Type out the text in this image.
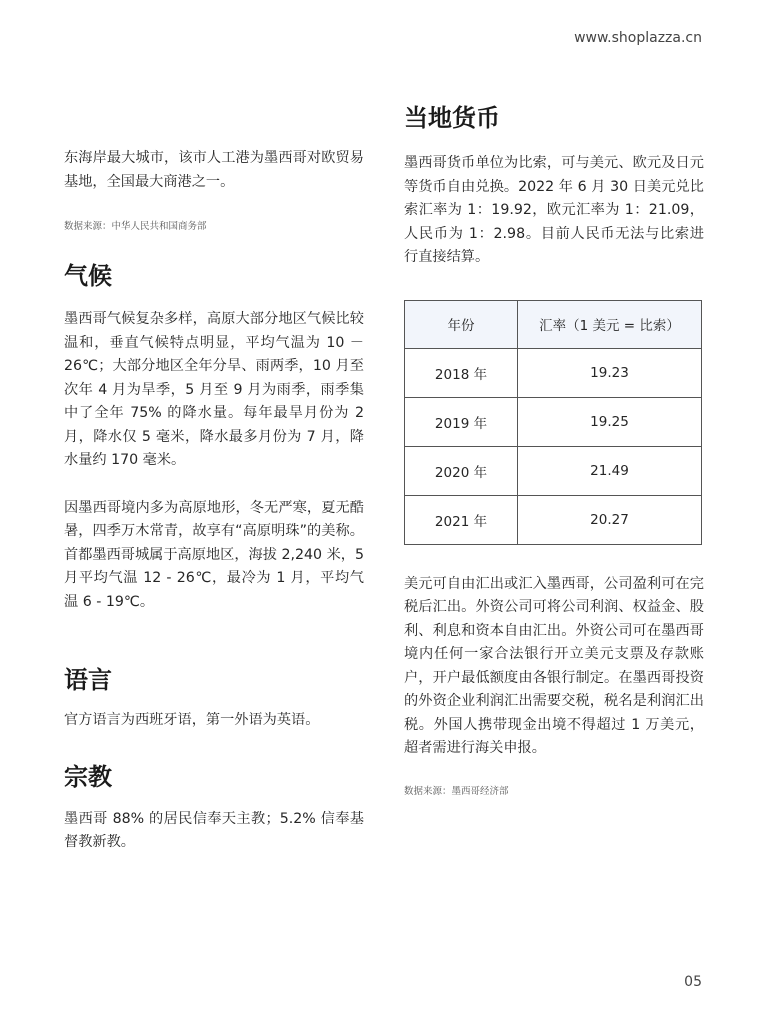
www.shoplazza.cn

东海岸最大城市，该市人工港为墨西哥对欧贸易基地，全国最大商港之一。

数据来源：中华人民共和国商务部
气候

墨西哥气候复杂多样，高原大部分地区气候比较温和，垂直气候特点明显，平均气温为 10 － 26℃；大部分地区全年分旱、雨两季，10 月至次年 4 月为旱季，5 月至 9 月为雨季，雨季集中了全年 75% 的降水量。每年最旱月份为 2 月，降水仅 5 毫米，降水最多月份为 7 月，降水量约 170 毫米。

因墨西哥境内多为高原地形，冬无严寒，夏无酷暑，四季万木常青，故享有“高原明珠”的美称。首都墨西哥城属于高原地区，海拔 2,240 米，5 月平均气温 12 - 26℃，最冷为 1 月，平均气温 6 - 19℃。

语言

官方语言为西班牙语，第一外语为英语。

宗教

墨西哥 88% 的居民信奉天主教；5.2% 信奉基督教新教。

当地货币

墨西哥货币单位为比索，可与美元、欧元及日元等货币自由兑换。2022 年 6 月 30 日美元兑比索汇率为 1：19.92，欧元汇率为 1：21.09，人民币为 1：2.98。目前人民币无法与比索进行直接结算。

年份	汇率（1 美元 = 比索）
2018 年	19.23
2019 年	19.25
2020 年	21.49
2021 年	20.27

美元可自由汇出或汇入墨西哥，公司盈利可在完税后汇出。外资公司可将公司利润、权益金、股利、利息和资本自由汇出。外资公司可在墨西哥境内任何一家合法银行开立美元支票及存款账户，开户最低额度由各银行制定。在墨西哥投资的外资企业利润汇出需要交税，税名是利润汇出税。外国人携带现金出境不得超过 1 万美元，超者需进行海关申报。

数据来源：墨西哥经济部
05
